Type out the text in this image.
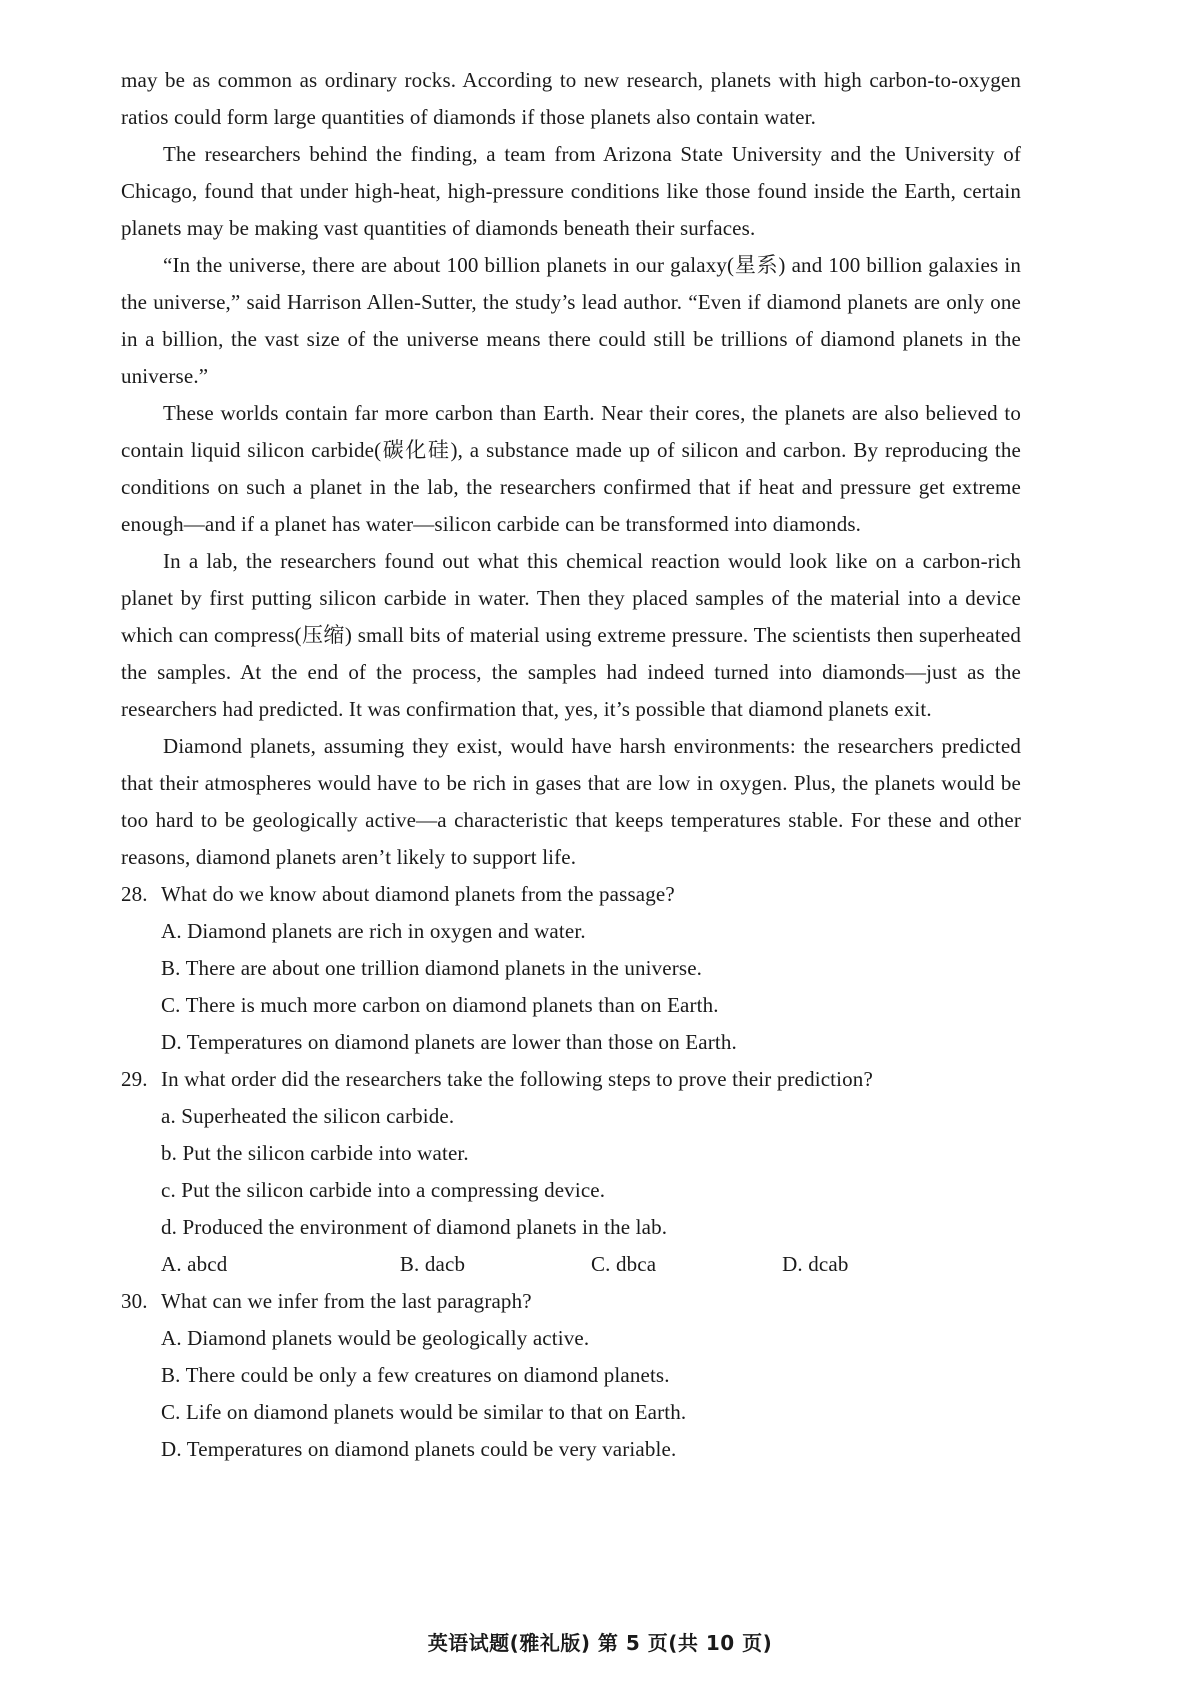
may be as common as ordinary rocks. According to new research, planets with high carbon-to-oxygen ratios could form large quantities of diamonds if those planets also contain water.

The researchers behind the finding, a team from Arizona State University and the University of Chicago, found that under high-heat, high-pressure conditions like those found inside the Earth, certain planets may be making vast quantities of diamonds beneath their surfaces.

“In the universe, there are about 100 billion planets in our galaxy(星系) and 100 billion galaxies in the universe,” said Harrison Allen-Sutter, the study’s lead author. “Even if diamond planets are only one in a billion, the vast size of the universe means there could still be trillions of diamond planets in the universe.”

These worlds contain far more carbon than Earth. Near their cores, the planets are also believed to contain liquid silicon carbide(碳化硅), a substance made up of silicon and carbon. By reproducing the conditions on such a planet in the lab, the researchers confirmed that if heat and pressure get extreme enough—and if a planet has water—silicon carbide can be transformed into diamonds.

In a lab, the researchers found out what this chemical reaction would look like on a carbon-rich planet by first putting silicon carbide in water. Then they placed samples of the material into a device which can compress(压缩) small bits of material using extreme pressure. The scientists then superheated the samples. At the end of the process, the samples had indeed turned into diamonds—just as the researchers had predicted. It was confirmation that, yes, it’s possible that diamond planets exit.

Diamond planets, assuming they exist, would have harsh environments: the researchers predicted that their atmospheres would have to be rich in gases that are low in oxygen. Plus, the planets would be too hard to be geologically active—a characteristic that keeps temperatures stable. For these and other reasons, diamond planets aren’t likely to support life.

28. What do we know about diamond planets from the passage?

A. Diamond planets are rich in oxygen and water.

B. There are about one trillion diamond planets in the universe.

C. There is much more carbon on diamond planets than on Earth.

D. Temperatures on diamond planets are lower than those on Earth.

29. In what order did the researchers take the following steps to prove their prediction?

a. Superheated the silicon carbide.

b. Put the silicon carbide into water.

c. Put the silicon carbide into a compressing device.

d. Produced the environment of diamond planets in the lab.

A. abcd	B. dacb	C. dbca	D. dcab
30. What can we infer from the last paragraph?

A. Diamond planets would be geologically active.

B. There could be only a few creatures on diamond planets.

C. Life on diamond planets would be similar to that on Earth.

D. Temperatures on diamond planets could be very variable.

英语试题(雅礼版) 第 5 页(共 10 页)
